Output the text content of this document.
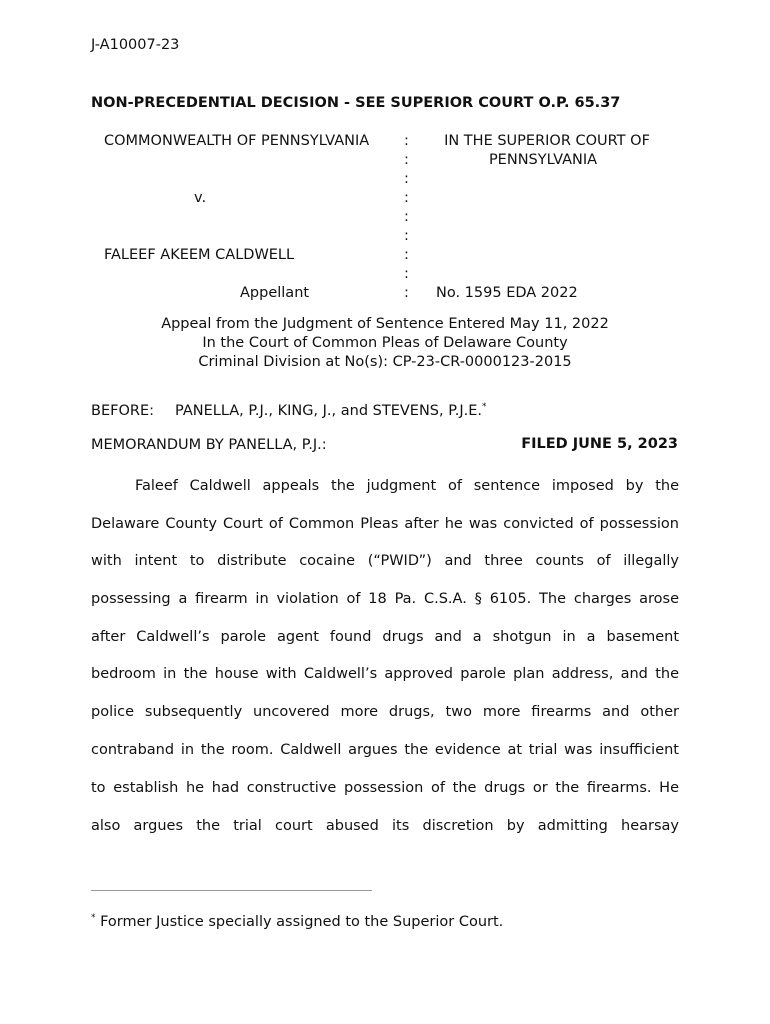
J-A10007-23
NON-PRECEDENTIAL DECISION - SEE SUPERIOR COURT O.P. 65.37
COMMONWEALTH OF PENNSYLVANIA
v.
FALEEF AKEEM CALDWELL
Appellant
:
:
:
:
:
:
:
:
:
IN THE SUPERIOR COURT OF
PENNSYLVANIA
No. 1595 EDA 2022
Appeal from the Judgment of Sentence Entered May 11, 2022
In the Court of Common Pleas of Delaware County
Criminal Division at No(s): CP-23-CR-0000123-2015
BEFORE: PANELLA, P.J., KING, J., and STEVENS, P.J.E.*
MEMORANDUM BY PANELLA, P.J.:	FILED JUNE 5, 2023
Faleef Caldwell appeals the judgment of sentence imposed by the
Delaware County Court of Common Pleas after he was convicted of possession
with intent to distribute cocaine (“PWID”) and three counts of illegally
possessing a firearm in violation of 18 Pa. C.S.A. § 6105. The charges arose
after Caldwell’s parole agent found drugs and a shotgun in a basement
bedroom in the house with Caldwell’s approved parole plan address, and the
police subsequently uncovered more drugs, two more firearms and other
contraband in the room. Caldwell argues the evidence at trial was insufficient
to establish he had constructive possession of the drugs or the firearms. He
also argues the trial court abused its discretion by admitting hearsay
* Former Justice specially assigned to the Superior Court.
